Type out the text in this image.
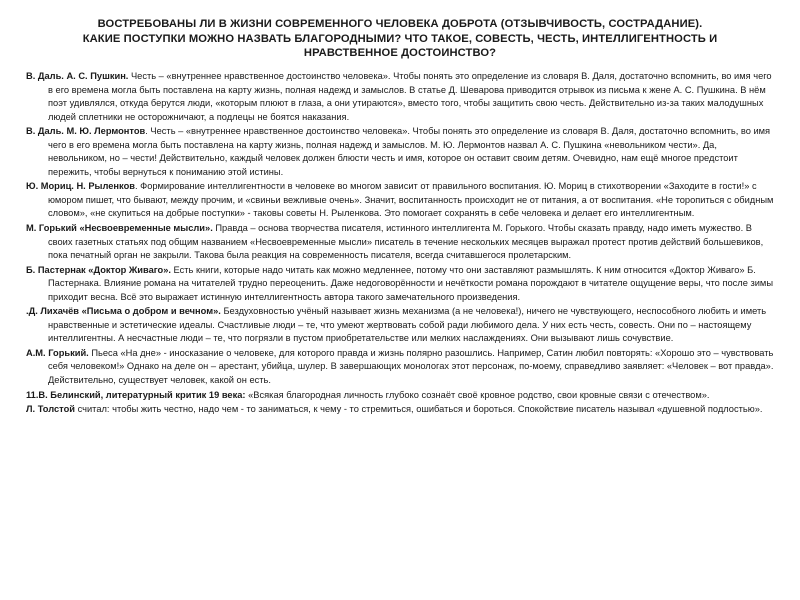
ВОСТРЕБОВАНЫ ЛИ В ЖИЗНИ СОВРЕМЕННОГО ЧЕЛОВЕКА ДОБРОТА (ОТЗЫВЧИВОСТЬ, СОСТРАДАНИЕ).
КАКИЕ ПОСТУПКИ МОЖНО НАЗВАТЬ БЛАГОРОДНЫМИ? ЧТО ТАКОЕ, СОВЕСТЬ, ЧЕСТЬ, ИНТЕЛЛИГЕНТНОСТЬ И
НРАВСТВЕННОЕ ДОСТОИНСТВО?

В. Даль. А. С. Пушкин. Честь – «внутреннее нравственное достоинство человека». Чтобы понять это определение из словаря В. Даля, достаточно вспомнить, во имя чего в его времена могла быть поставлена на карту жизнь, полная надежд и замыслов. В статье Д. Шеварова приводится отрывок из письма к жене А. С. Пушкина. В нём поэт удивлялся, откуда берутся люди, «которым плюют в глаза, а они утираются», вместо того, чтобы защитить свою честь. Действительно из-за таких малодушных людей сплетники не осторожничают, а подлецы не боятся наказания.

В. Даль. М. Ю. Лермонтов. Честь – «внутреннее нравственное достоинство человека». Чтобы понять это определение из словаря В. Даля, достаточно вспомнить, во имя чего в его времена могла быть поставлена на карту жизнь, полная надежд и замыслов. М. Ю. Лермонтов назвал А. С. Пушкина «невольником чести». Да, невольником, но – чести! Действительно, каждый человек должен блюсти честь и имя, которое он оставит своим детям. Очевидно, нам ещё многое предстоит пережить, чтобы вернуться к пониманию этой истины.

Ю. Мориц. Н. Рыленков. Формирование интеллигентности в человеке во многом зависит от правильного воспитания. Ю. Мориц в стихотворении «Заходите в гости!» с юмором пишет, что бывают, между прочим, и «свиньи вежливые очень». Значит, воспитанность происходит не от питания, а от воспитания. «Не торопиться с обидным словом», «не скупиться на добрые поступки» - таковы советы Н. Рыленкова. Это помогает сохранять в себе человека и делает его интеллигентным.

М. Горький «Несвоевременные мысли». Правда – основа творчества писателя, истинного интеллигента М. Горького. Чтобы сказать правду, надо иметь мужество. В своих газетных статьях под общим названием «Несвоевременные мысли» писатель в течение нескольких месяцев выражал протест против действий большевиков, пока печатный орган не закрыли. Такова была реакция на современность писателя, всегда считавшегося пролетарским.

Б. Пастернак «Доктор Живаго». Есть книги, которые надо читать как можно медленнее, потому что они заставляют размышлять. К ним относится «Доктор Живаго» Б. Пастернака. Влияние романа на читателей трудно переоценить. Даже недоговорённости и нечёткости романа порождают в читателе ощущение веры, что после зимы приходит весна. Всё это выражает истинную интеллигентность автора такого замечательного произведения.

.Д. Лихачёв «Письма о добром и вечном». Бездуховностью учёный называет жизнь механизма (а не человека!), ничего не чувствующего, неспособного любить и иметь нравственные и эстетические идеалы. Счастливые люди – те, что умеют жертвовать собой ради любимого дела. У них есть честь, совесть. Они по – настоящему интеллигентны. А несчастные люди – те, что погрязли в пустом приобретательстве или мелких наслаждениях. Они вызывают лишь сочувствие.

А.М. Горький. Пьеса «На дне» - иносказание о человеке, для которого правда и жизнь полярно разошлись. Например, Сатин любил повторять: «Хорошо это – чувствовать себя человеком!» Однако на деле он – арестант, убийца, шулер. В завершающих монологах этот персонаж, по-моему, справедливо заявляет: «Человек – вот правда». Действительно, существует человек, какой он есть.

11.В. Белинский, литературный критик 19 века: «Всякая благородная личность глубоко сознаёт своё кровное родство, свои кровные связи с отечеством».

Л. Толстой считал: чтобы жить честно, надо чем - то заниматься, к чему - то стремиться, ошибаться и бороться. Спокойствие писатель называл «душевной подлостью».
